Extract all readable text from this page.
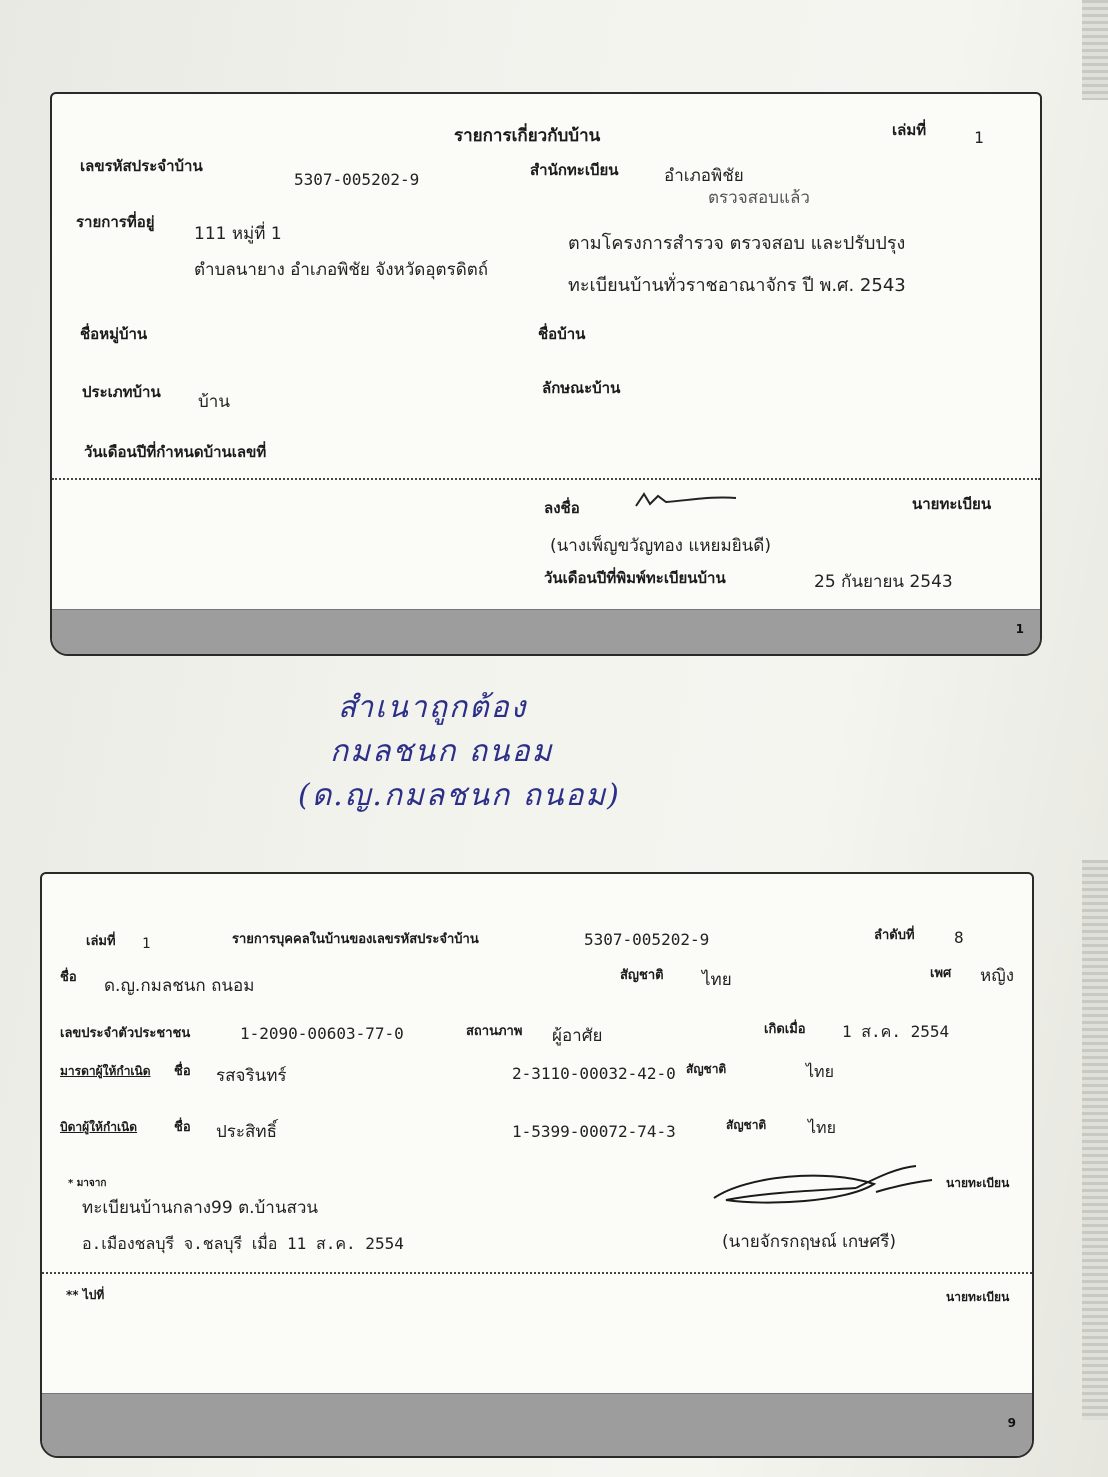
รายการเกี่ยวกับบ้าน	เล่มที่	1
เลขรหัสประจำบ้าน
5307-005202-9	สำนักทะเบียน	อำเภอพิชัย
ตรวจสอบแล้ว
รายการที่อยู่
111 หมู่ที่ 1
ตำบลนายาง อำเภอพิชัย จังหวัดอุตรดิตถ์
ตามโครงการสำรวจ ตรวจสอบ และปรับปรุง
ทะเบียนบ้านทั่วราชอาณาจักร ปี พ.ศ. 2543
ชื่อหมู่บ้าน	ชื่อบ้าน
ประเภทบ้าน บ้าน
ลักษณะบ้าน
วันเดือนปีที่กำหนดบ้านเลขที่
ลงชื่อ	นายทะเบียน
(นางเพ็ญขวัญทอง แหยมยินดี)
วันเดือนปีที่พิมพ์ทะเบียนบ้าน	25 กันยายน 2543
1
สำเนาถูกต้อง
กมลชนก ถนอม
(ด.ญ.กมลชนก ถนอม)
เล่มที่ 1	รายการบุคคลในบ้านของเลขรหัสประจำบ้าน	5307-005202-9	ลำดับที่ 8
ชื่อ ด.ญ.กมลชนก ถนอม
สัญชาติ ไทย	เพศ หญิง
เลขประจำตัวประชาชน	1-2090-00603-77-0	สถานภาพ ผู้อาศัย	เกิดเมื่อ 1 ส.ค. 2554
มารดาผู้ให้กำเนิด ชื่อ รสจรินทร์	2-3110-00032-42-0 สัญชาติ	ไทย
บิดาผู้ให้กำเนิด	ชื่อ ประสิทธิ์	1-5399-00072-74-3	สัญชาติ	ไทย
* มาจาก
ทะเบียนบ้านกลาง99 ต.บ้านสวน
อ.เมืองชลบุรี จ.ชลบุรี เมื่อ 11 ส.ค. 2554
นายทะเบียน
(นายจักรกฤษณ์ เกษศรี)
** ไปที่	นายทะเบียน
9
